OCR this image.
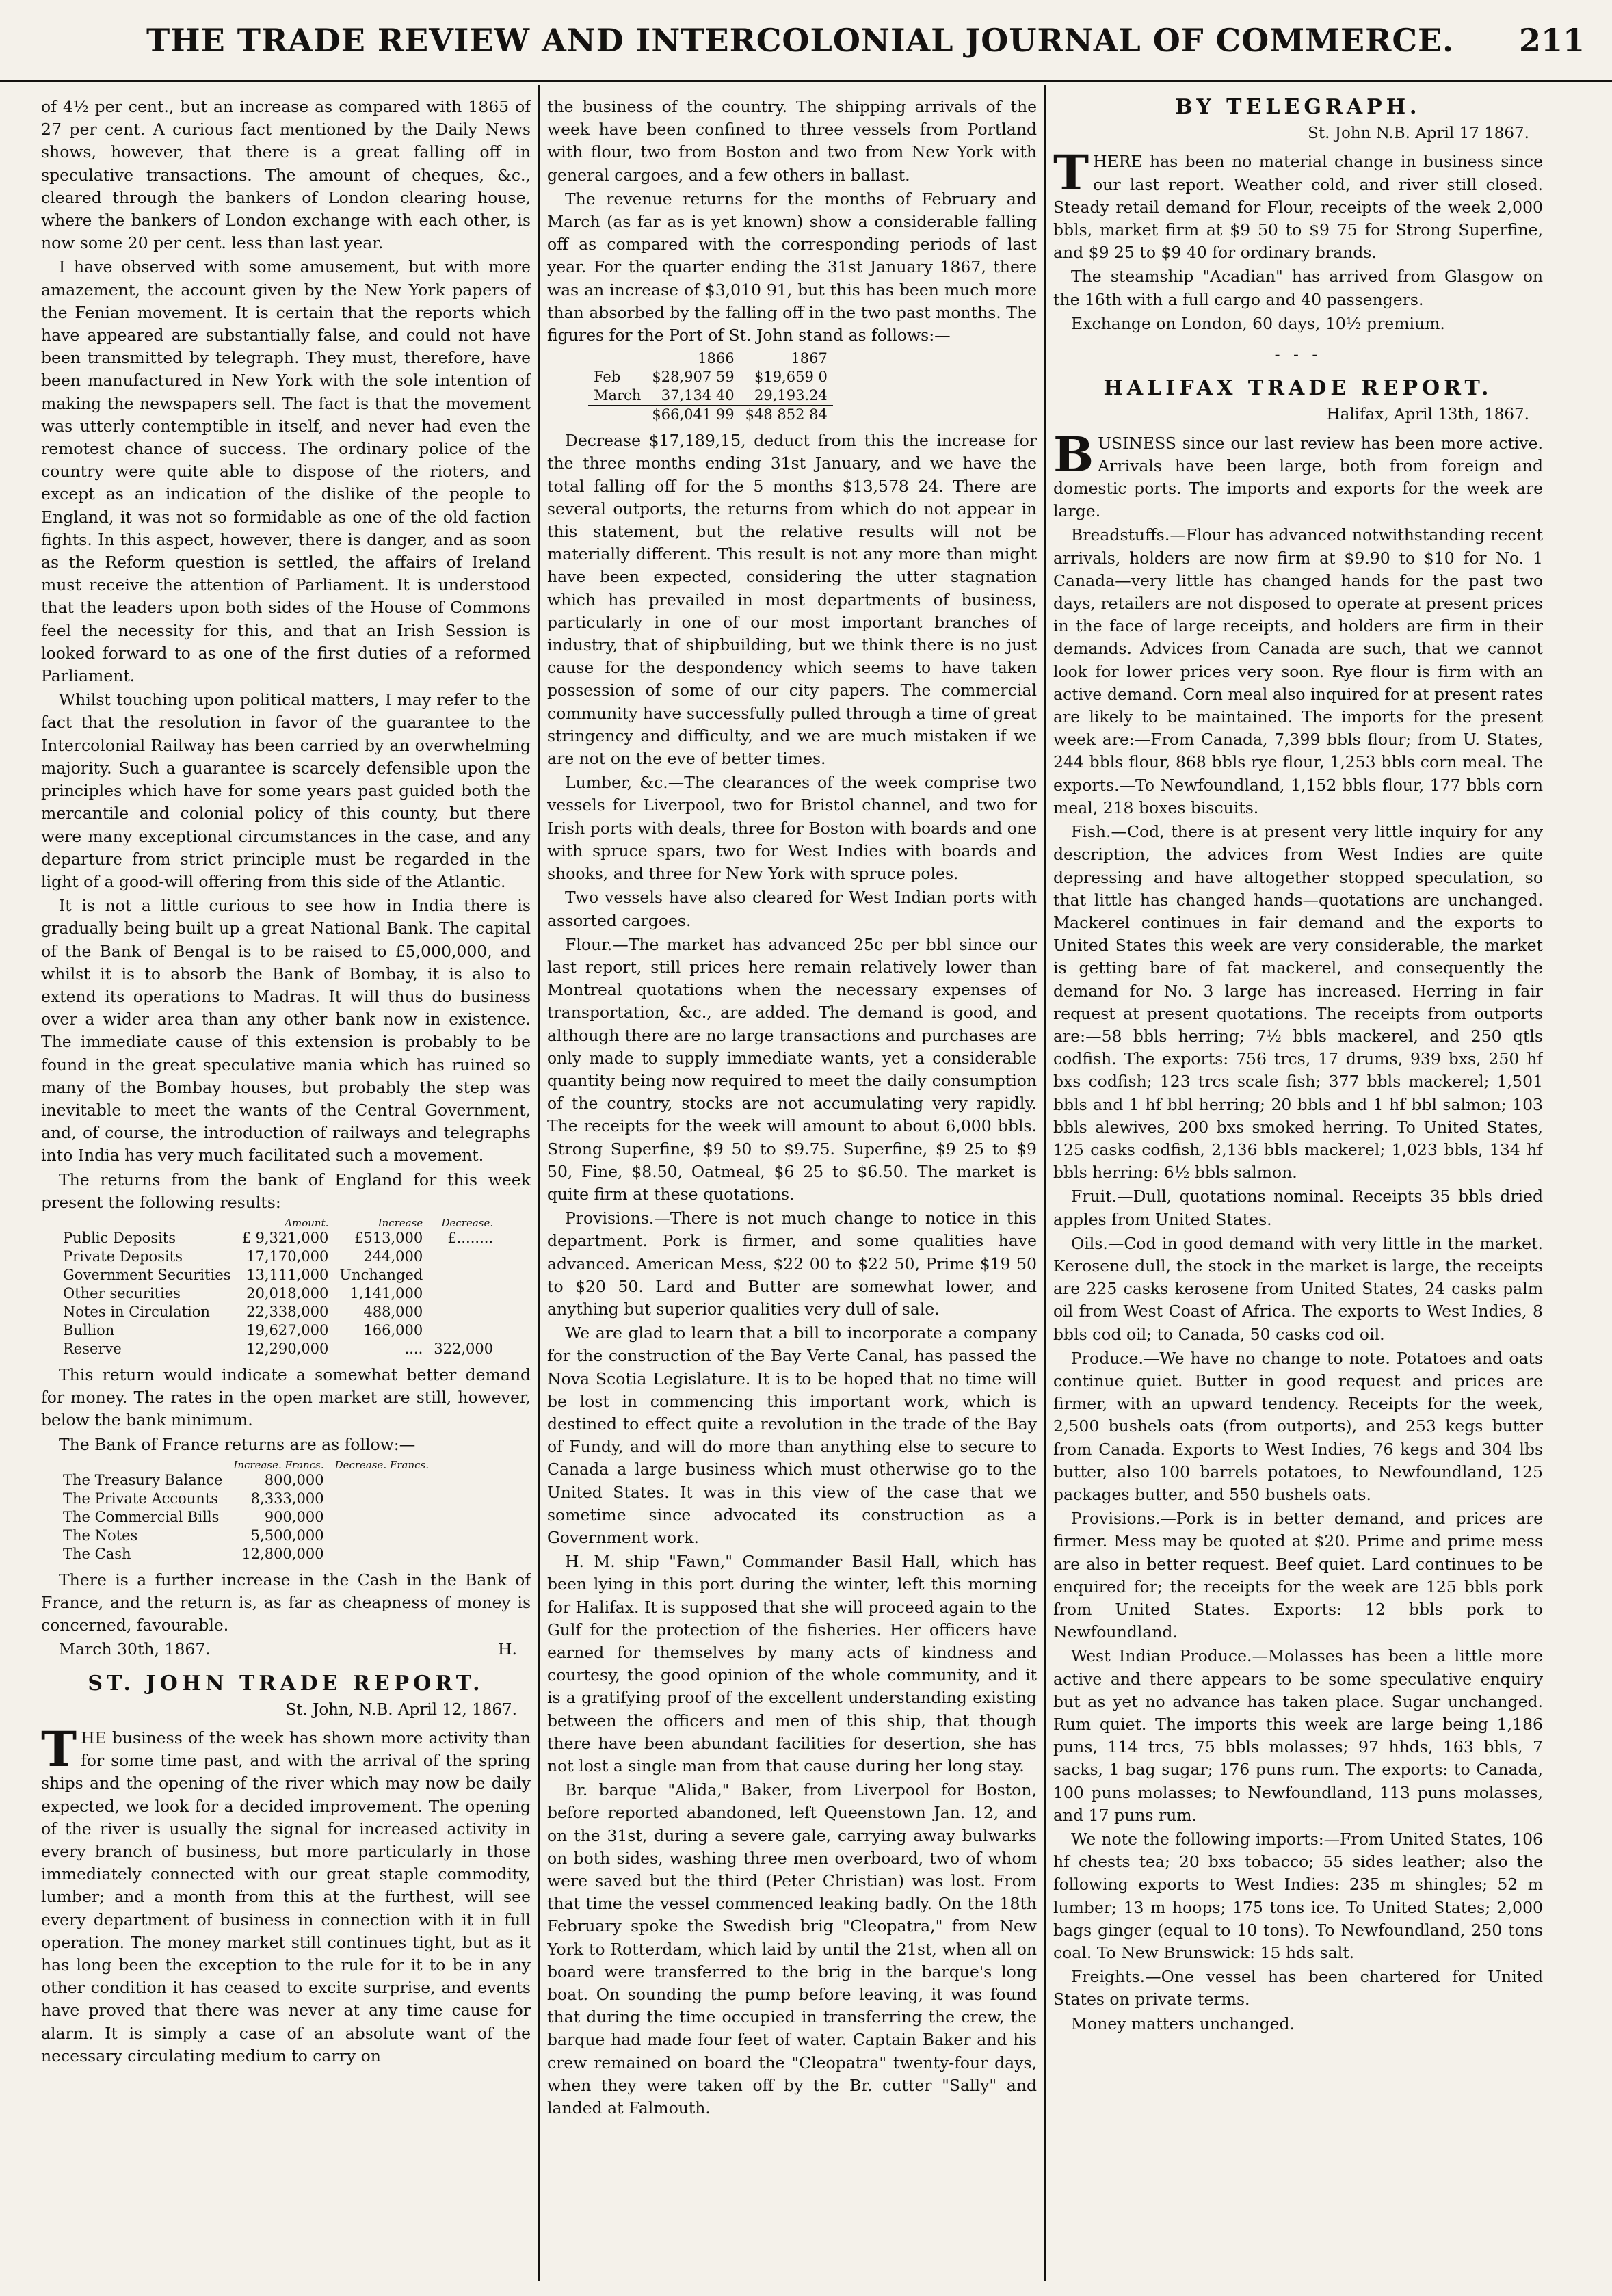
THE TRADE REVIEW AND INTERCOLONIAL JOURNAL OF COMMERCE.	211

of 4½ per cent., but an increase as compared with 1865 of 27 per cent. A curious fact mentioned by the Daily News shows, however, that there is a great falling off in speculative transactions. The amount of cheques, &c., cleared through the bankers of London clearing house, where the bankers of London exchange with each other, is now some 20 per cent. less than last year.

I have observed with some amusement, but with more amazement, the account given by the New York papers of the Fenian movement. It is certain that the reports which have appeared are substantially false, and could not have been transmitted by telegraph. They must, therefore, have been manufactured in New York with the sole intention of making the newspapers sell. The fact is that the movement was utterly contemptible in itself, and never had even the remotest chance of success. The ordinary police of the country were quite able to dispose of the rioters, and except as an indication of the dislike of the people to England, it was not so formidable as one of the old faction fights. In this aspect, however, there is danger, and as soon as the Reform question is settled, the affairs of Ireland must receive the attention of Parliament. It is understood that the leaders upon both sides of the House of Commons feel the necessity for this, and that an Irish Session is looked forward to as one of the first duties of a reformed Parliament.

Whilst touching upon political matters, I may refer to the fact that the resolution in favor of the guarantee to the Intercolonial Railway has been carried by an overwhelming majority. Such a guarantee is scarcely defensible upon the principles which have for some years past guided both the mercantile and colonial policy of this county, but there were many exceptional circumstances in the case, and any departure from strict principle must be regarded in the light of a good-will offering from this side of the Atlantic.

It is not a little curious to see how in India there is gradually being built up a great National Bank. The capital of the Bank of Bengal is to be raised to £5,000,000, and whilst it is to absorb the Bank of Bombay, it is also to extend its operations to Madras. It will thus do business over a wider area than any other bank now in existence. The immediate cause of this extension is probably to be found in the great speculative mania which has ruined so many of the Bombay houses, but probably the step was inevitable to meet the wants of the Central Government, and, of course, the introduction of railways and telegraphs into India has very much facilitated such a movement.

The returns from the bank of England for this week present the following results:

	Amount.	Increase	Decrease.
Public Deposits	£ 9,321,000	£513,000	£........
Private Deposits	17,170,000	244,000	
Government Securities	13,111,000	Unchanged	
Other securities	20,018,000	1,141,000	
Notes in Circulation	22,338,000	488,000	
Bullion	19,627,000	166,000	
Reserve	12,290,000	....	322,000

This return would indicate a somewhat better demand for money. The rates in the open market are still, however, below the bank minimum.

The Bank of France returns are as follow:—

	Increase. Francs.	Decrease. Francs.
The Treasury Balance	800,000	
The Private Accounts	8,333,000	
The Commercial Bills	900,000	
The Notes	5,500,000	
The Cash	12,800,000	

There is a further increase in the Cash in the Bank of France, and the return is, as far as cheapness of money is concerned, favourable.

March 30th, 1867.	H.
ST. JOHN TRADE REPORT.
St. John, N.B. April 12, 1867.

THE business of the week has shown more activity than for some time past, and with the arrival of the spring ships and the opening of the river which may now be daily expected, we look for a decided improvement. The opening of the river is usually the signal for increased activity in every branch of business, but more particularly in those immediately connected with our great staple commodity, lumber; and a month from this at the furthest, will see every department of business in connection with it in full operation. The money market still continues tight, but as it has long been the exception to the rule for it to be in any other condition it has ceased to excite surprise, and events have proved that there was never at any time cause for alarm. It is simply a case of an absolute want of the necessary circulating medium to carry on

the business of the country. The shipping arrivals of the week have been confined to three vessels from Portland with flour, two from Boston and two from New York with general cargoes, and a few others in ballast.

The revenue returns for the months of February and March (as far as is yet known) show a considerable falling off as compared with the corresponding periods of last year. For the quarter ending the 31st January 1867, there was an increase of $3,010 91, but this has been much more than absorbed by the falling off in the two past months. The figures for the Port of St. John stand as follows:—

	1866	1867
Feb	$28,907 59	$19,659 0
March	37,134 40	29,193.24
	$66,041 99	$48 852 84

Decrease $17,189,15, deduct from this the increase for the three months ending 31st January, and we have the total falling off for the 5 months $13,578 24. There are several outports, the returns from which do not appear in this statement, but the relative results will not be materially different. This result is not any more than might have been expected, considering the utter stagnation which has prevailed in most departments of business, particularly in one of our most important branches of industry, that of shipbuilding, but we think there is no just cause for the despondency which seems to have taken possession of some of our city papers. The commercial community have successfully pulled through a time of great stringency and difficulty, and we are much mistaken if we are not on the eve of better times.

Lumber, &c.—The clearances of the week comprise two vessels for Liverpool, two for Bristol channel, and two for Irish ports with deals, three for Boston with boards and one with spruce spars, two for West Indies with boards and shooks, and three for New York with spruce poles.

Two vessels have also cleared for West Indian ports with assorted cargoes.

Flour.—The market has advanced 25c per bbl since our last report, still prices here remain relatively lower than Montreal quotations when the necessary expenses of transportation, &c., are added. The demand is good, and although there are no large transactions and purchases are only made to supply immediate wants, yet a considerable quantity being now required to meet the daily consumption of the country, stocks are not accumulating very rapidly. The receipts for the week will amount to about 6,000 bbls. Strong Superfine, $9 50 to $9.75. Superfine, $9 25 to $9 50, Fine, $8.50, Oatmeal, $6 25 to $6.50. The market is quite firm at these quotations.

Provisions.—There is not much change to notice in this department. Pork is firmer, and some qualities have advanced. American Mess, $22 00 to $22 50, Prime $19 50 to $20 50. Lard and Butter are somewhat lower, and anything but superior qualities very dull of sale.

We are glad to learn that a bill to incorporate a company for the construction of the Bay Verte Canal, has passed the Nova Scotia Legislature. It is to be hoped that no time will be lost in commencing this important work, which is destined to effect quite a revolution in the trade of the Bay of Fundy, and will do more than anything else to secure to Canada a large business which must otherwise go to the United States. It was in this view of the case that we sometime since advocated its construction as a Government work.

H. M. ship "Fawn," Commander Basil Hall, which has been lying in this port during the winter, left this morning for Halifax. It is supposed that she will proceed again to the Gulf for the protection of the fisheries. Her officers have earned for themselves by many acts of kindness and courtesy, the good opinion of the whole community, and it is a gratifying proof of the excellent understanding existing between the officers and men of this ship, that though there have been abundant facilities for desertion, she has not lost a single man from that cause during her long stay.

Br. barque "Alida," Baker, from Liverpool for Boston, before reported abandoned, left Queenstown Jan. 12, and on the 31st, during a severe gale, carrying away bulwarks on both sides, washing three men overboard, two of whom were saved but the third (Peter Christian) was lost. From that time the vessel commenced leaking badly. On the 18th February spoke the Swedish brig "Cleopatra," from New York to Rotterdam, which laid by until the 21st, when all on board were transferred to the brig in the barque's long boat. On sounding the pump before leaving, it was found that during the time occupied in transferring the crew, the barque had made four feet of water. Captain Baker and his crew remained on board the "Cleopatra" twenty-four days, when they were taken off by the Br. cutter "Sally" and landed at Falmouth.

BY TELEGRAPH.
St. John N.B. April 17 1867.

THERE has been no material change in business since our last report. Weather cold, and river still closed. Steady retail demand for Flour, receipts of the week 2,000 bbls, market firm at $9 50 to $9 75 for Strong Superfine, and $9 25 to $9 40 for ordinary brands.

The steamship "Acadian" has arrived from Glasgow on the 16th with a full cargo and 40 passengers.

Exchange on London, 60 days, 10½ premium.

- - -
HALIFAX TRADE REPORT.
Halifax, April 13th, 1867.

BUSINESS since our last review has been more active. Arrivals have been large, both from foreign and domestic ports. The imports and exports for the week are large.

Breadstuffs.—Flour has advanced notwithstanding recent arrivals, holders are now firm at $9.90 to $10 for No. 1 Canada—very little has changed hands for the past two days, retailers are not disposed to operate at present prices in the face of large receipts, and holders are firm in their demands. Advices from Canada are such, that we cannot look for lower prices very soon. Rye flour is firm with an active demand. Corn meal also inquired for at present rates are likely to be maintained. The imports for the present week are:—From Canada, 7,399 bbls flour; from U. States, 244 bbls flour, 868 bbls rye flour, 1,253 bbls corn meal. The exports.—To Newfoundland, 1,152 bbls flour, 177 bbls corn meal, 218 boxes biscuits.

Fish.—Cod, there is at present very little inquiry for any description, the advices from West Indies are quite depressing and have altogether stopped speculation, so that little has changed hands—quotations are unchanged. Mackerel continues in fair demand and the exports to United States this week are very considerable, the market is getting bare of fat mackerel, and consequently the demand for No. 3 large has increased. Herring in fair request at present quotations. The receipts from outports are:—58 bbls herring; 7½ bbls mackerel, and 250 qtls codfish. The exports: 756 trcs, 17 drums, 939 bxs, 250 hf bxs codfish; 123 trcs scale fish; 377 bbls mackerel; 1,501 bbls and 1 hf bbl herring; 20 bbls and 1 hf bbl salmon; 103 bbls alewives, 200 bxs smoked herring. To United States, 125 casks codfish, 2,136 bbls mackerel; 1,023 bbls, 134 hf bbls herring: 6½ bbls salmon.

Fruit.—Dull, quotations nominal. Receipts 35 bbls dried apples from United States.

Oils.—Cod in good demand with very little in the market. Kerosene dull, the stock in the market is large, the receipts are 225 casks kerosene from United States, 24 casks palm oil from West Coast of Africa. The exports to West Indies, 8 bbls cod oil; to Canada, 50 casks cod oil.

Produce.—We have no change to note. Potatoes and oats continue quiet. Butter in good request and prices are firmer, with an upward tendency. Receipts for the week, 2,500 bushels oats (from outports), and 253 kegs butter from Canada. Exports to West Indies, 76 kegs and 304 lbs butter, also 100 barrels potatoes, to Newfoundland, 125 packages butter, and 550 bushels oats.

Provisions.—Pork is in better demand, and prices are firmer. Mess may be quoted at $20. Prime and prime mess are also in better request. Beef quiet. Lard continues to be enquired for; the receipts for the week are 125 bbls pork from United States. Exports: 12 bbls pork to Newfoundland.

West Indian Produce.—Molasses has been a little more active and there appears to be some speculative enquiry but as yet no advance has taken place. Sugar unchanged. Rum quiet. The imports this week are large being 1,186 puns, 114 trcs, 75 bbls molasses; 97 hhds, 163 bbls, 7 sacks, 1 bag sugar; 176 puns rum. The exports: to Canada, 100 puns molasses; to Newfoundland, 113 puns molasses, and 17 puns rum.

We note the following imports:—From United States, 106 hf chests tea; 20 bxs tobacco; 55 sides leather; also the following exports to West Indies: 235 m shingles; 52 m lumber; 13 m hoops; 175 tons ice. To United States; 2,000 bags ginger (equal to 10 tons). To Newfoundland, 250 tons coal. To New Brunswick: 15 hds salt.

Freights.—One vessel has been chartered for United States on private terms.

Money matters unchanged.
